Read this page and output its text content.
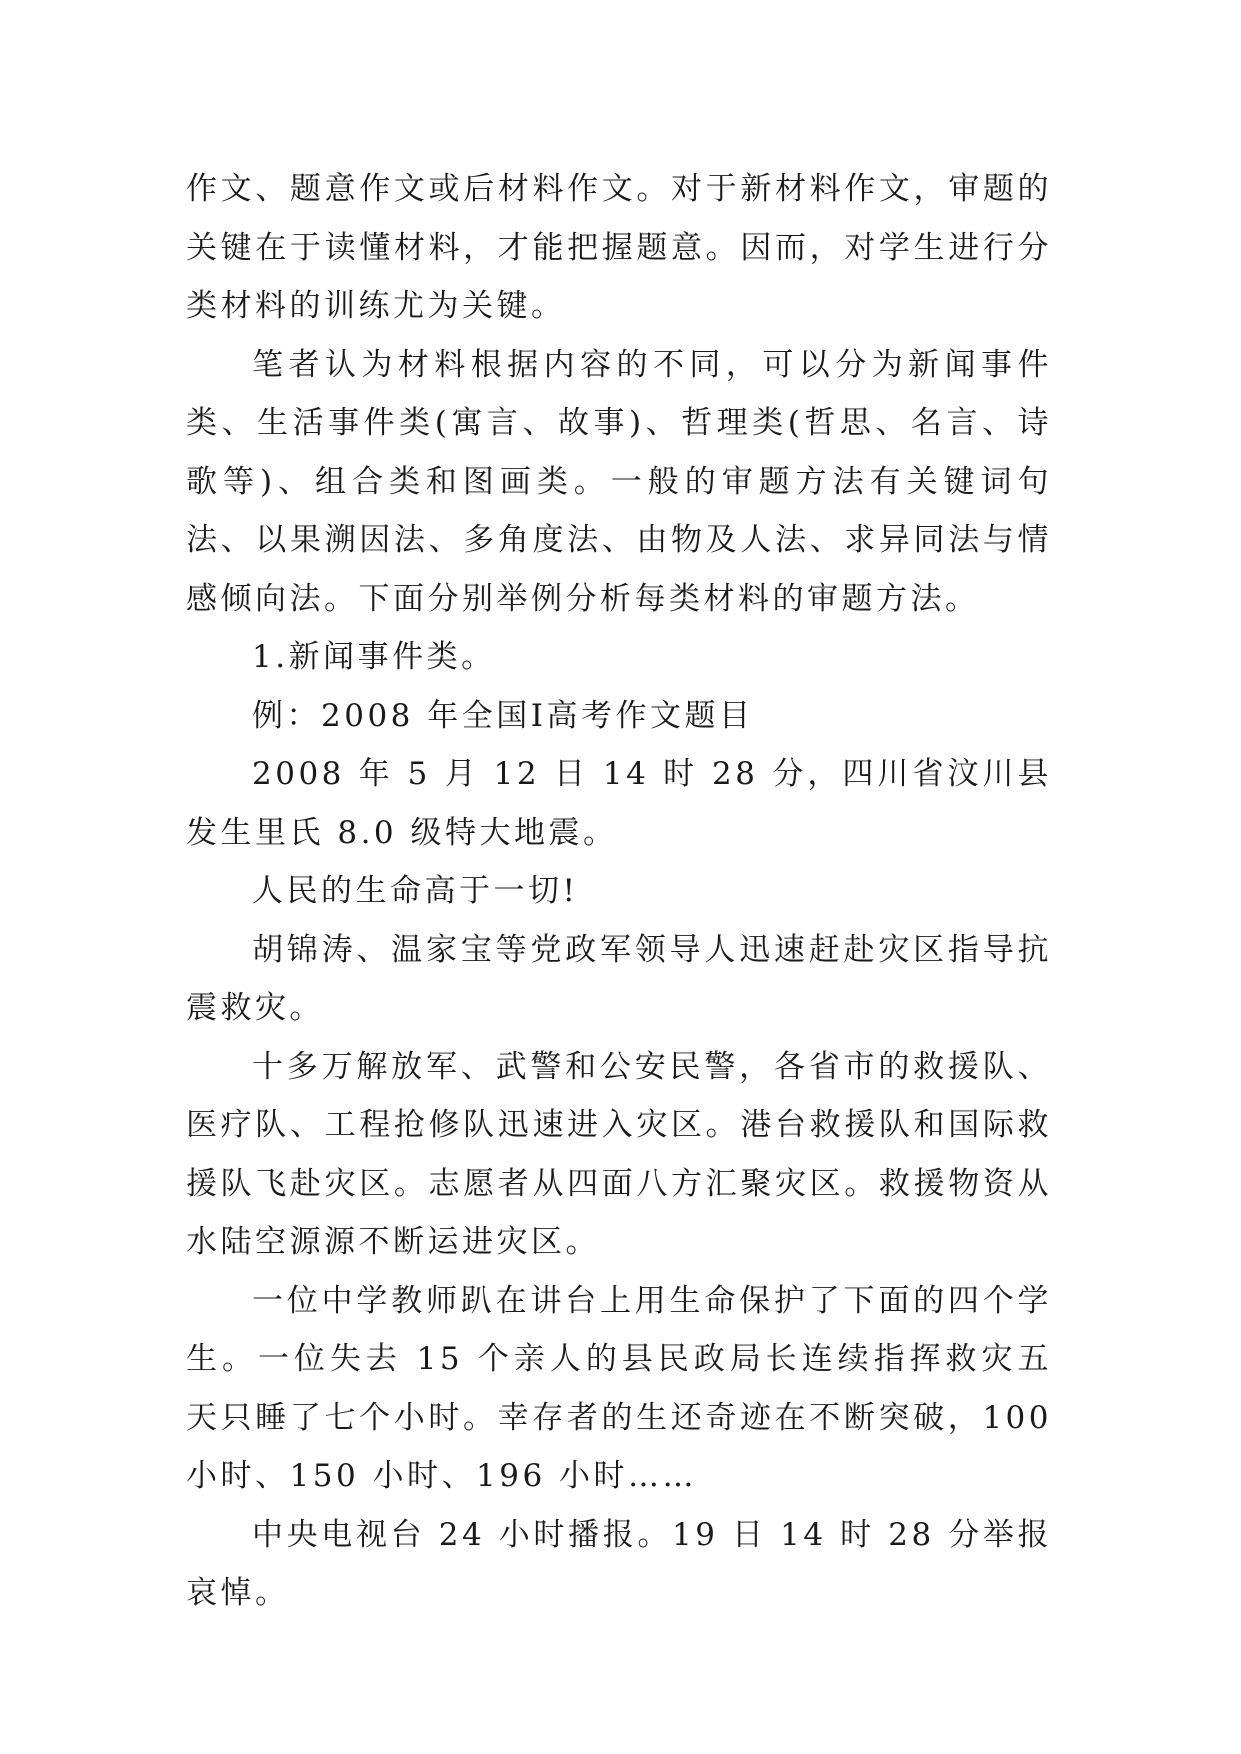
作文、题意作文或后材料作文。对于新材料作文，审题的关键在于读懂材料，才能把握题意。因而，对学生进行分类材料的训练尤为关键。

笔者认为材料根据内容的不同，可以分为新闻事件类、生活事件类(寓言、故事)、哲理类(哲思、名言、诗歌等)、组合类和图画类。一般的审题方法有关键词句法、以果溯因法、多角度法、由物及人法、求异同法与情感倾向法。下面分别举例分析每类材料的审题方法。

1.新闻事件类。

例：2008 年全国Ⅰ高考作文题目

2008 年 5 月 12 日 14 时 28 分，四川省汶川县发生里氏 8.0 级特大地震。

人民的生命高于一切!

胡锦涛、温家宝等党政军领导人迅速赶赴灾区指导抗震救灾。

十多万解放军、武警和公安民警，各省市的救援队、医疗队、工程抢修队迅速进入灾区。港台救援队和国际救援队飞赴灾区。志愿者从四面八方汇聚灾区。救援物资从水陆空源源不断运进灾区。

一位中学教师趴在讲台上用生命保护了下面的四个学生。一位失去 15 个亲人的县民政局长连续指挥救灾五天只睡了七个小时。幸存者的生还奇迹在不断突破，100 小时、150 小时、196 小时……

中央电视台 24 小时播报。19 日 14 时 28 分举报哀悼。
